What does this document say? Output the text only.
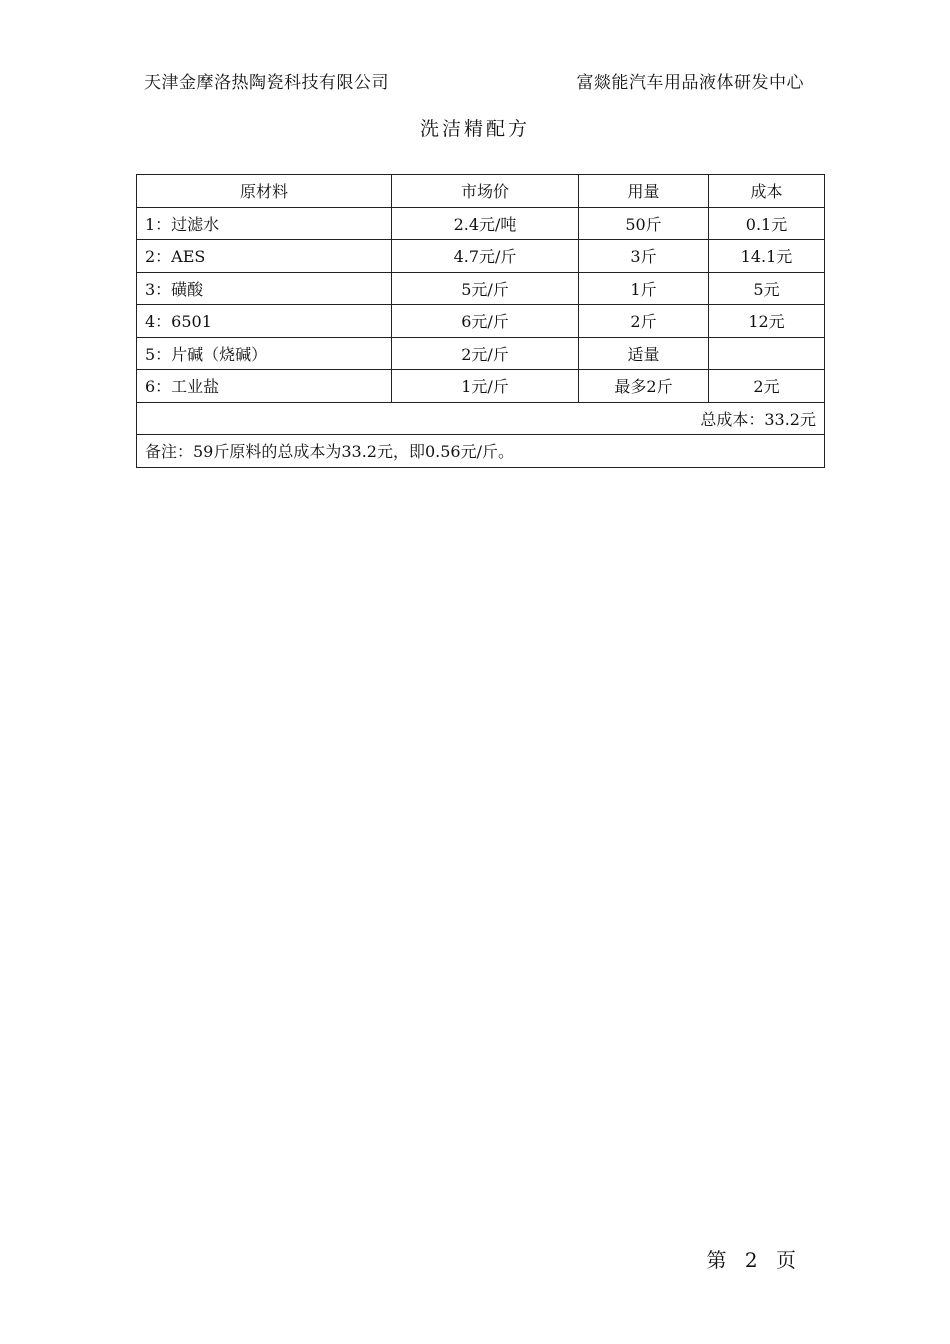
天津金摩洛热陶瓷科技有限公司	富燚能汽车用品液体研发中心
洗洁精配方
原材料	市场价	用量	成本
1：过滤水	2.4元/吨	50斤	0.1元
2：AES	4.7元/斤	3斤	14.1元
3：磺酸	5元/斤	1斤	5元
4：6501	6元/斤	2斤	12元
5：片碱（烧碱）	2元/斤	适量	
6：工业盐	1元/斤	最多2斤	2元
总成本：33.2元			
备注：59斤原料的总成本为33.2元，即0.56元/斤。			
第 2 页
